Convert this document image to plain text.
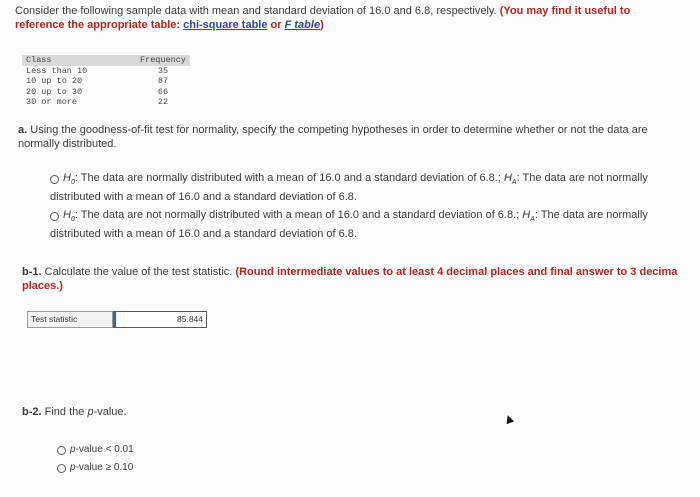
Consider the following sample data with mean and standard deviation of 16.0 and 6.8, respectively. (You may find it useful to
reference the appropriate table: chi-square table or F table)
Class	Frequency
Less than 10	35
10 up to 20	87
20 up to 30	66
30 or more	22
a. Using the goodness-of-fit test for normality, specify the competing hypotheses in order to determine whether or not the data are
normally distributed.
$H_0$: The data are normally distributed with a mean of 16.0 and a standard deviation of 6.8.; $H_A$: The data are not normally
distributed with a mean of 16.0 and a standard deviation of 6.8.
$H_0$: The data are not normally distributed with a mean of 16.0 and a standard deviation of 6.8.; $H_A$: The data are normally
distributed with a mean of 16.0 and a standard deviation of 6.8.
b-1. Calculate the value of the test statistic. (Round intermediate values to at least 4 decimal places and final answer to 3 decima
places.)
Test statistic	85.844
b-2. Find the p-value.
p-value < 0.01
p-value ≥ 0.10
